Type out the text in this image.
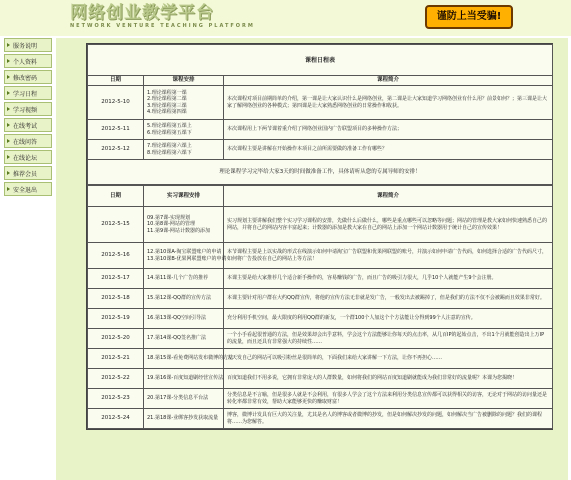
网络创业教学平台
NETWORK VENTURE TEACHING PLATFORM
谨防上当受骗!
服务说明
个人资料
修改密码
学习日程
学习视频
在线考试
在线问答
在线论坛
推荐会员
安全退出
课程日程表		
日期	课程安排	课程简介
2012-5-10	1.理论课程第一课
2.理论课程第二课
3.理论课程第三课
4.理论课程第四课	本次课程对项目前期简单的介绍，第一课是让大家认识什么是网络创业，第二课是让大家知道学习网络创业有什么用？前景如何？；第三课是让大家了解网络创业的各种模式；第四课是让大家熟悉网络创业的日常操作和收获。
2012-5-11	5.理论课程第五课上
6.理论课程第五课下	本次课程用上下两节课着重介绍了网络创业国内广告联盟项目的多种操作方法；
2012-5-12	7.理论课程第六课上
8.理论课程第六课下	本次课程主要是讲解在开始操作本项目之前所需要做的准备工作有哪些？
理论课程学习完毕给大家3天的时间做准备工作，具体请听从您的专属导师的安排！		
日期	实习课程安排	课程简介
2012-5-15	09.第7课-实现规划
10.第8课-网站的管理
11.第9课-网站计数器的添加	实习规划主要讲解我们整个实习学习课程的安排，先做什么后做什么，哪些是重点哪些可以忽略等问题；网站的管理是教大家如何快速熟悉自己的网站，并将自己的网站内容丰富起来；计数器的添加是教大家在自己的网站上添加一个网站计数器用于统计自己的宣传效果！
2012-5-16	12.第10课A-淘宝联盟账户的申请
13.第10课B-优果网联盟账户的申请	本节课程主要是上以实战的形式在线演示如何申请淘宝广告联盟和优果网联盟的账号，并演示如何申请广告代码，如何选择合适的广告代码尺寸，如何将广告投放在自己的网站上等方法！
2012-5-17	14.第11课-几个广告的推荐	本课主要是给大家推荐几个适合新手操作的，容易赚钱的广告，而且广告的吸引力很大，几乎10个人就能产生9个会注册。
2012-5-18	15.第12课-QQ群的宣传方法	本课主要针对用户群在大约QQ群宣传，将他的宣传方法无非就是发广告，一般发出去被踢掉了，但是我们的方法不仅不会被踢而且效果非常好。
2012-5-19	16.第13课-QQ空间引导法	充分利用手机空间，最大限度的利用QQ群的新友，一个群100个人加这个个方法能让分得到99个人注意的宣传。
2012-5-20	17.第14课-QQ签名推广法	一个小手看起很普通的方法，但是效果却会出乎意料，学会这个方法能够让你每天的点击率，从几百IP的起始点击，不出1个月就能创造出上万IP的流量，而且还具有非常强大的持续性……
2012-5-21	18.第15课-看免费网站发布微博的方法	天天发自己的网站可以吸引粉丝是很简单的，下面我们来给大家讲解一下方法，让你不再担心……
2012-5-22	19.第16课-百度知道刷经营宣传法	百度知道我们不用多说，它拥有非常庞大的人群数量，如何将我们的网站百度知道刷就能成为我们非常好的流量呢？本课为您揭晓！
2012-5-23	20.第17课-分类信息平台法	分类信息是不言喻，但是很多人就是不会利用，有很多人学会了这个方法来利用分类信息宣传都可以获得相关的访客，无论对于网站的访问量还是转化率都非常有效，帮助大家能够更快的赚取财富！
2012-5-24	21.第18课-业绑客抄发获取流量	博客，微博计发具有巨大的关注量，尤其是名人的博客或者微博的抄发，但是如何解决抄发的问题，如何解决当广告被删除的问题？我们的课程将……为您解答。
